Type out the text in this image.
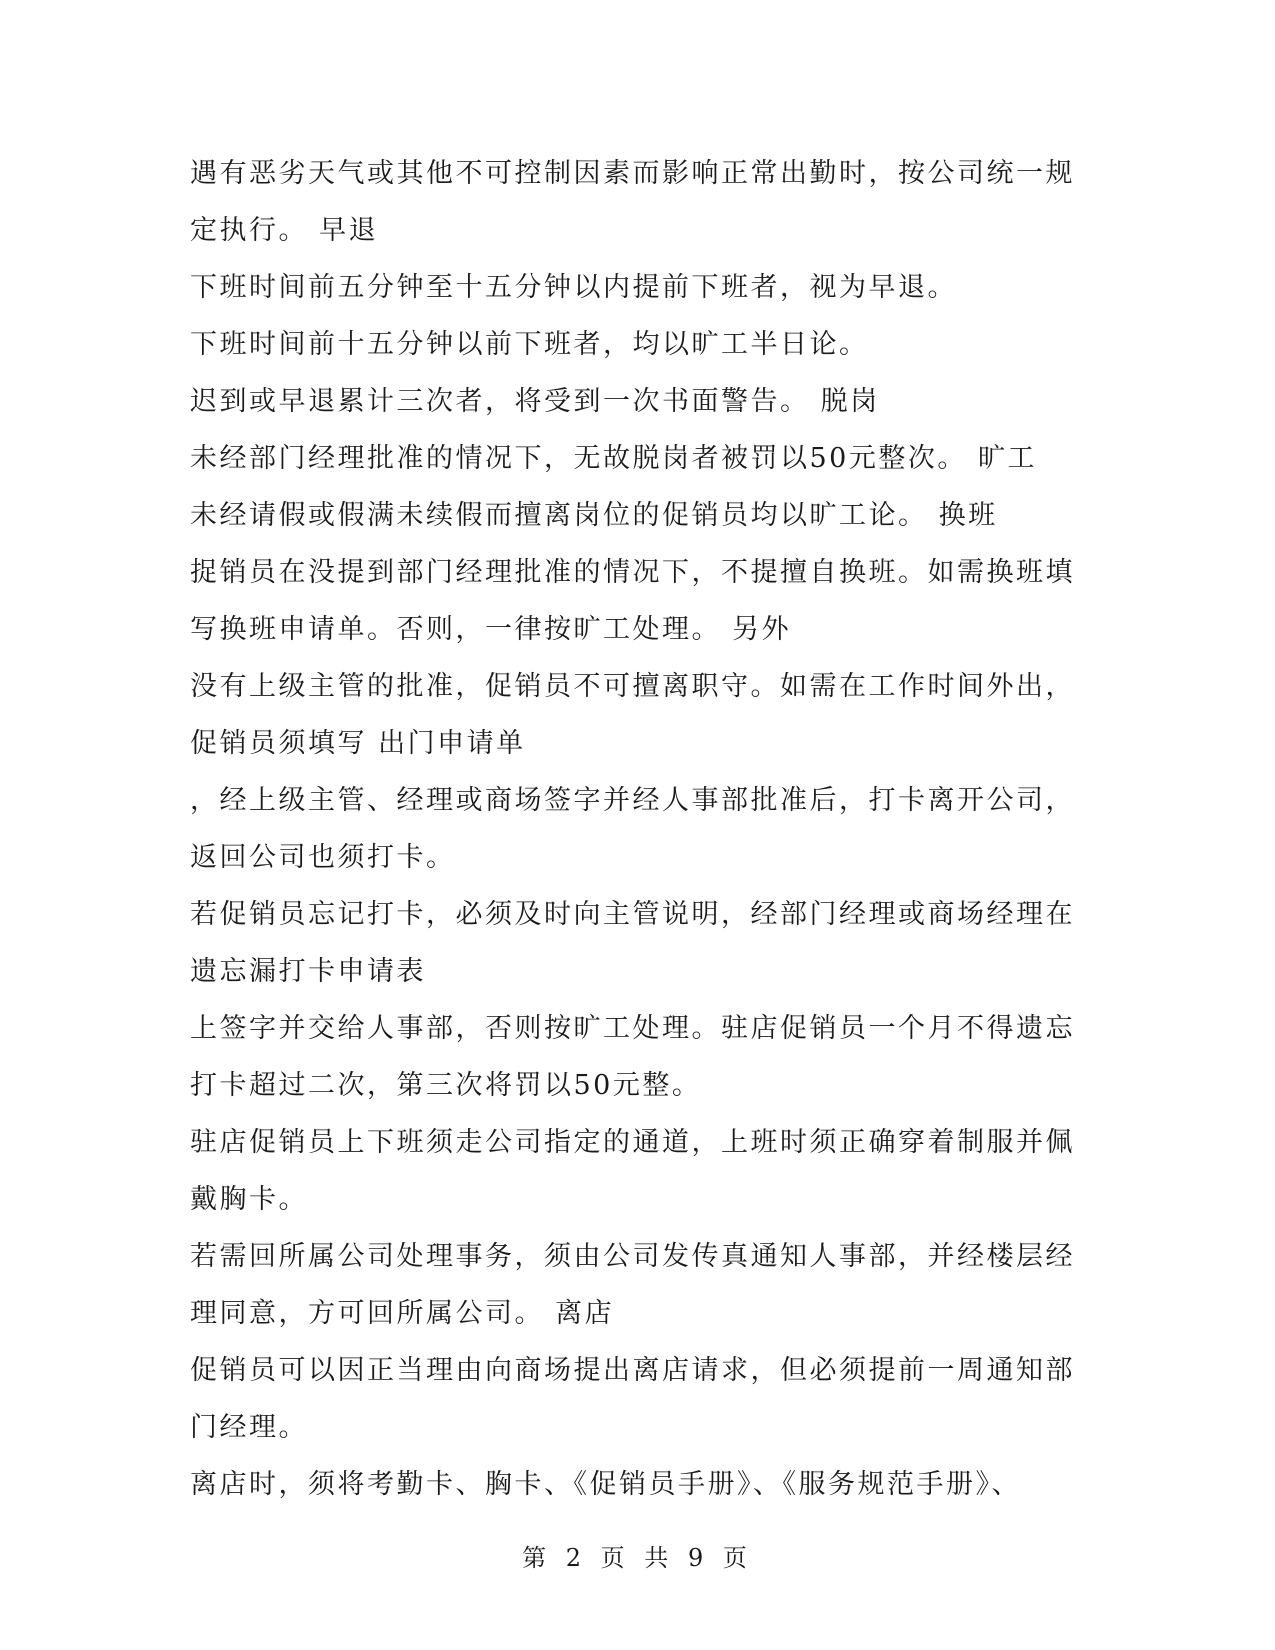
遇有恶劣天气或其他不可控制因素而影响正常出勤时，按公司统一规
定执行。 早退
下班时间前五分钟至十五分钟以内提前下班者，视为早退。
下班时间前十五分钟以前下班者，均以旷工半日论。
迟到或早退累计三次者，将受到一次书面警告。 脱岗
未经部门经理批准的情况下，无故脱岗者被罚以50元整次。 旷工
未经请假或假满未续假而擅离岗位的促销员均以旷工论。 换班
捉销员在没提到部门经理批准的情况下，不提擅自换班。如需换班填
写换班申请单。否则，一律按旷工处理。 另外
没有上级主管的批准，促销员不可擅离职守。如需在工作时间外出，
促销员须填写 出门申请单
，经上级主管、经理或商场签字并经人事部批准后，打卡离开公司，
返回公司也须打卡。
若促销员忘记打卡，必须及时向主管说明，经部门经理或商场经理在
遗忘漏打卡申请表
上签字并交给人事部，否则按旷工处理。驻店促销员一个月不得遗忘
打卡超过二次，第三次将罚以50元整。
驻店促销员上下班须走公司指定的通道，上班时须正确穿着制服并佩
戴胸卡。
若需回所属公司处理事务，须由公司发传真通知人事部，并经楼层经
理同意，方可回所属公司。 离店
促销员可以因正当理由向商场提出离店请求，但必须提前一周通知部
门经理。
离店时，须将考勤卡、胸卡、《促销员手册》、《服务规范手册》、
第 2 页 共 9 页
